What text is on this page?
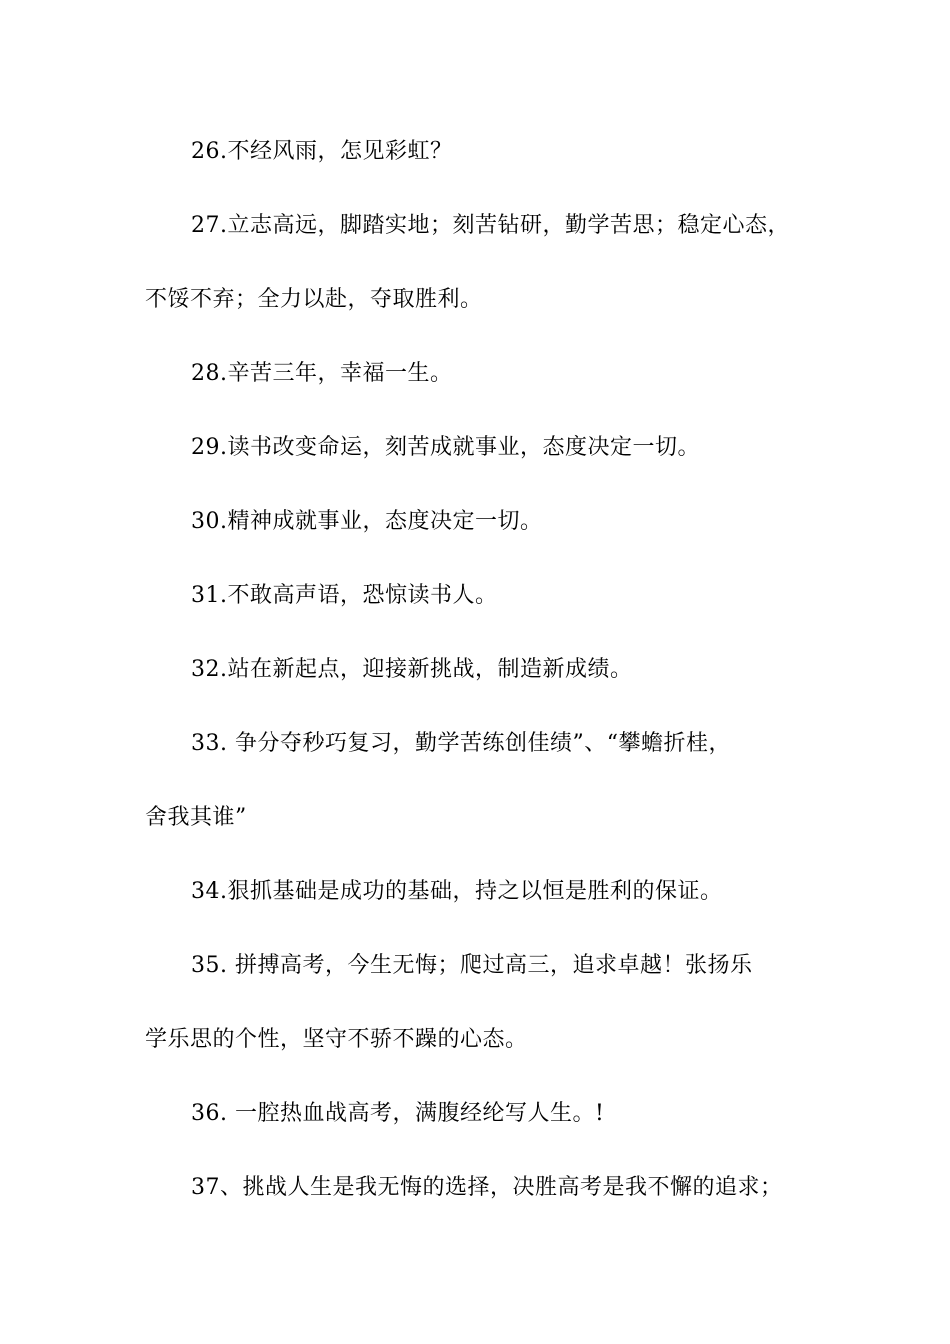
26.不经风雨，怎见彩虹？
27.立志高远，脚踏实地；刻苦钻研，勤学苦思；稳定心态，
不馁不弃；全力以赴，夺取胜利。
28.辛苦三年，幸福一生。
29.读书改变命运，刻苦成就事业，态度决定一切。
30.精神成就事业，态度决定一切。
31.不敢高声语，恐惊读书人。
32.站在新起点，迎接新挑战，制造新成绩。
33. 争分夺秒巧复习，勤学苦练创佳绩”、“攀蟾折桂，
舍我其谁”
34.狠抓基础是成功的基础，持之以恒是胜利的保证。
35. 拼搏高考，今生无悔；爬过高三，追求卓越！张扬乐
学乐思的个性，坚守不骄不躁的心态。
36. 一腔热血战高考，满腹经纶写人生。!
37、挑战人生是我无悔的选择，决胜高考是我不懈的追求；
